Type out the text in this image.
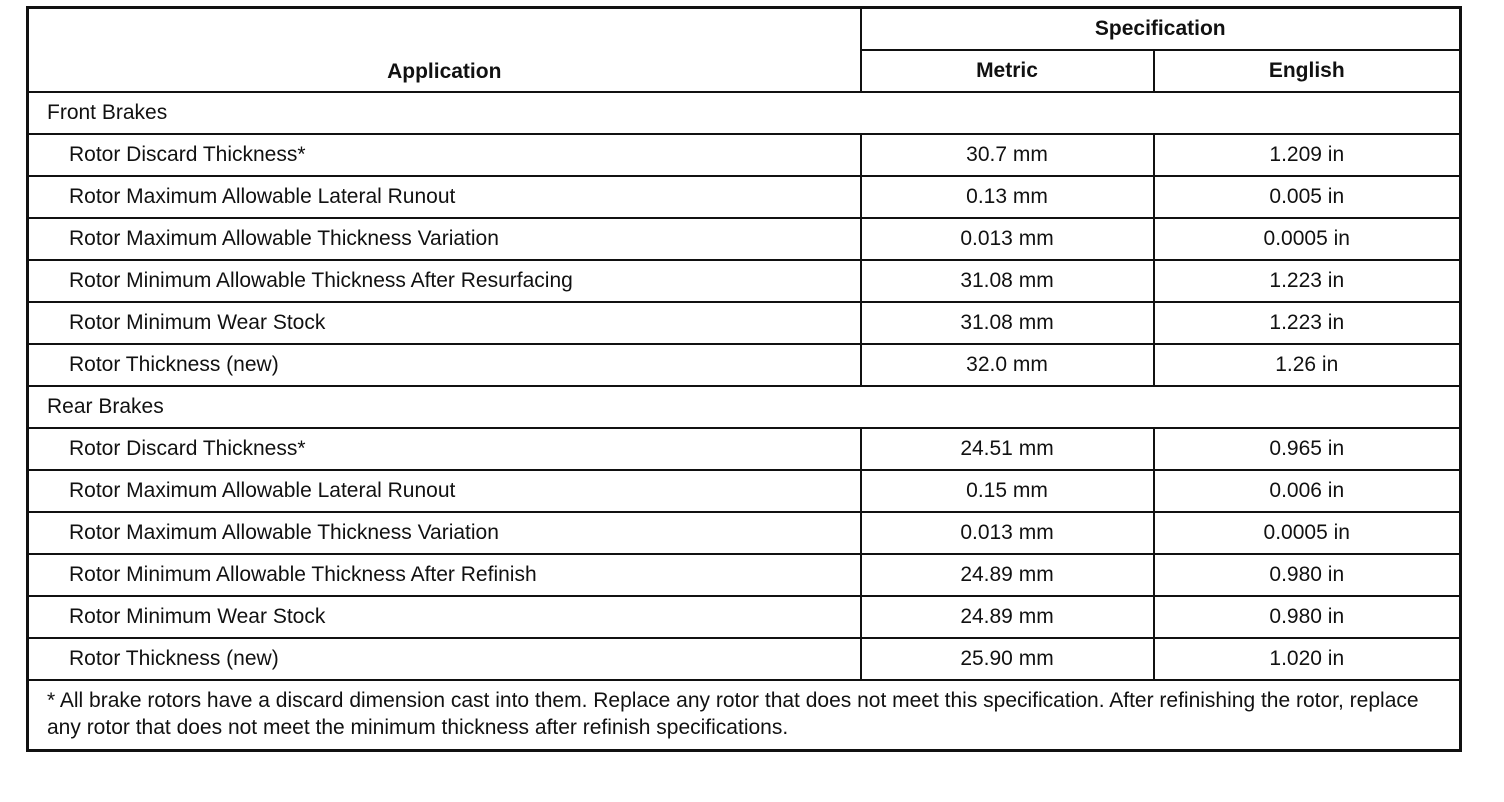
Application	Specification	
	Metric	English
Front Brakes		
Rotor Discard Thickness*	30.7 mm	1.209 in
Rotor Maximum Allowable Lateral Runout	0.13 mm	0.005 in
Rotor Maximum Allowable Thickness Variation	0.013 mm	0.0005 in
Rotor Minimum Allowable Thickness After Resurfacing	31.08 mm	1.223 in
Rotor Minimum Wear Stock	31.08 mm	1.223 in
Rotor Thickness (new)	32.0 mm	1.26 in
Rear Brakes		
Rotor Discard Thickness*	24.51 mm	0.965 in
Rotor Maximum Allowable Lateral Runout	0.15 mm	0.006 in
Rotor Maximum Allowable Thickness Variation	0.013 mm	0.0005 in
Rotor Minimum Allowable Thickness After Refinish	24.89 mm	0.980 in
Rotor Minimum Wear Stock	24.89 mm	0.980 in
Rotor Thickness (new)	25.90 mm	1.020 in
* All brake rotors have a discard dimension cast into them. Replace any rotor that does not meet this specification. After refinishing the rotor, replace any rotor that does not meet the minimum thickness after refinish specifications.		
